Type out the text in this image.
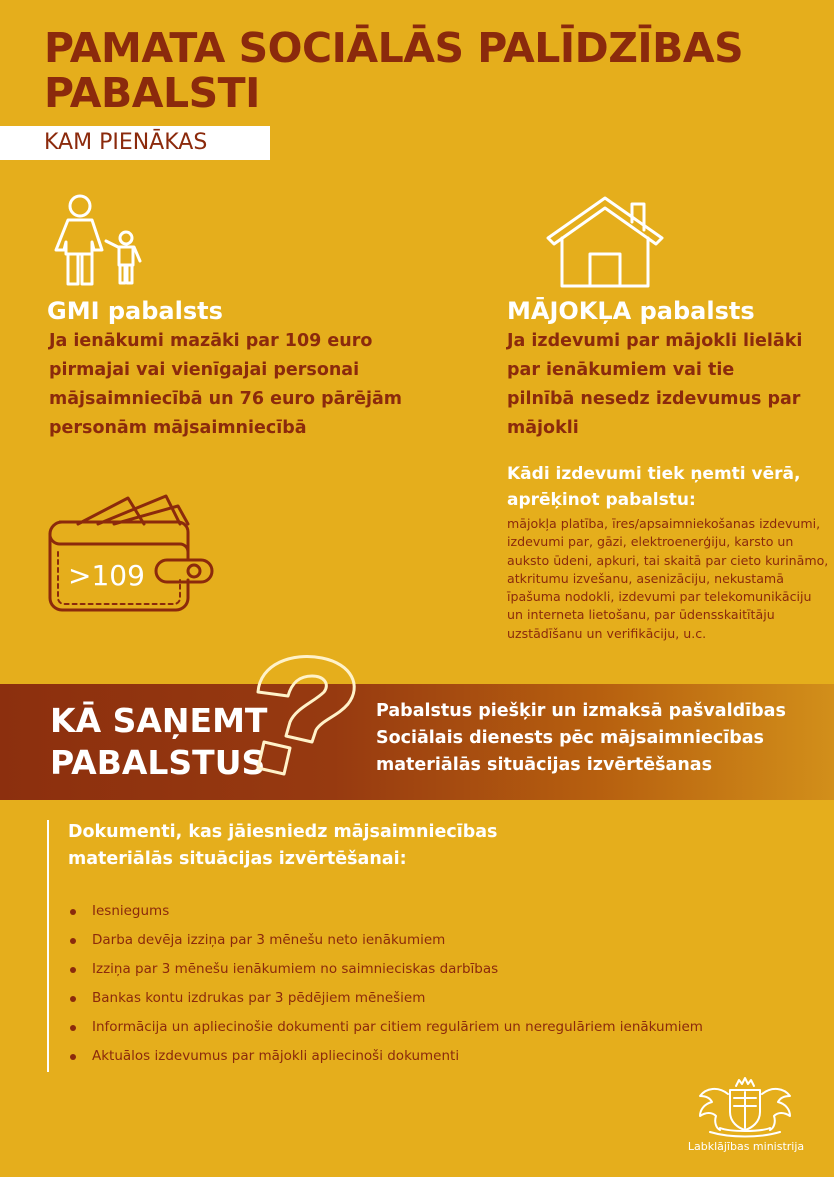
PAMATA SOCIĀLĀS PALĪDZĪBAS PABALSTI
KAM PIENĀKAS
GMI pabalsts
Ja ienākumi mazāki par 109 euro pirmajai vai vienīgajai personai mājsaimniecībā un 76 euro pārējām personām mājsaimniecībā
>109
MĀJOKĻA pabalsts
Ja izdevumi par mājokli lielāki par ienākumiem vai tie pilnībā nesedz izdevumus par mājokli
Kādi izdevumi tiek ņemti vērā, aprēķinot pabalstu:
mājokļa platība, īres/apsaimniekošanas izdevumi, izdevumi par, gāzi, elektroenerģiju, karsto un auksto ūdeni, apkuri, tai skaitā par cieto kurināmo, atkritumu izvešanu, asenizāciju, nekustamā īpašuma nodokli, izdevumi par telekomunikāciju un interneta lietošanu, par ūdensskaitītāju uzstādīšanu un verifikāciju, u.c.
KĀ SAŅEMT PABALSTUS
Pabalstus piešķir un izmaksā pašvaldības Sociālais dienests pēc mājsaimniecības materiālās situācijas izvērtēšanas
Dokumenti, kas jāiesniedz mājsaimniecības materiālās situācijas izvērtēšanai:
Iesniegums
Darba devēja izziņa par 3 mēnešu neto ienākumiem
Izziņa par 3 mēnešu ienākumiem no saimnieciskas darbības
Bankas kontu izdrukas par 3 pēdējiem mēnešiem
Informācija un apliecinošie dokumenti par citiem regulāriem un neregulāriem ienākumiem
Aktuālos izdevumus par mājokli apliecinoši dokumenti
Labklājības ministrija
